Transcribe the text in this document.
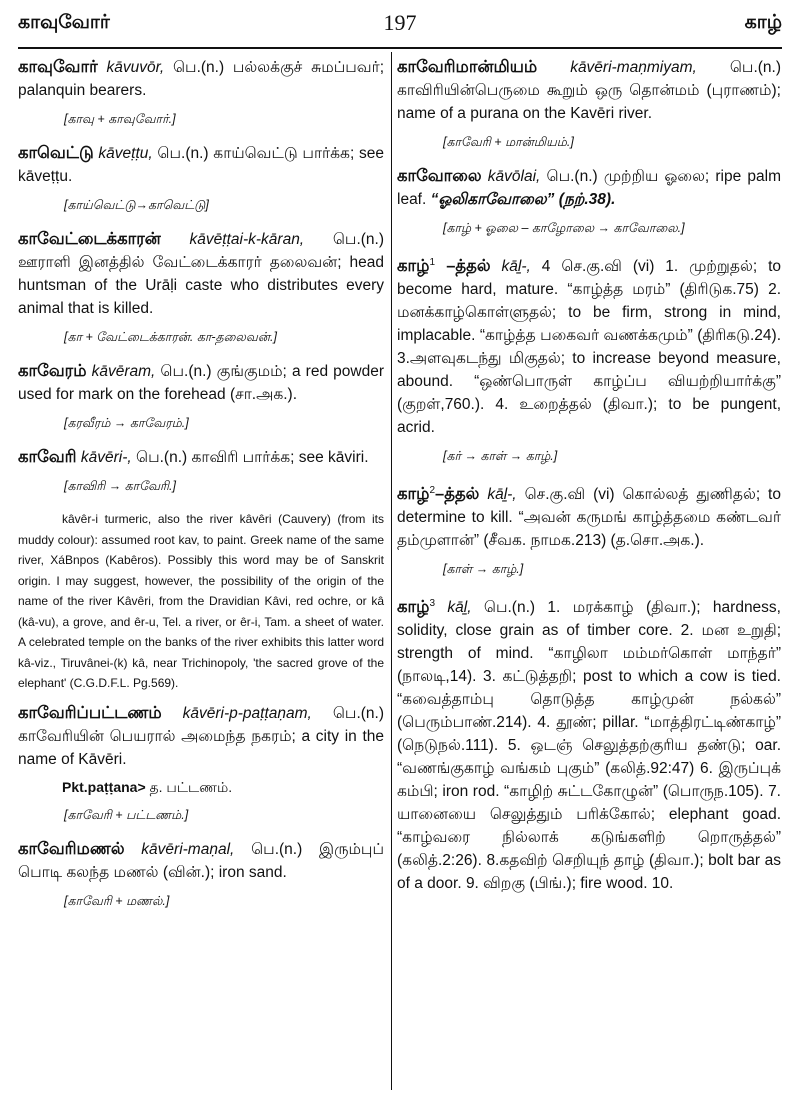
காவுவோர்	197	காழ்

காவுவோர் kāvuvōr, பெ.(n.) பல்லக்குச் சுமப்பவர்; palanquin bearers.

[காவு + காவுவோர்.]

காவெட்டு kāveṭṭu, பெ.(n.) காய்வெட்டு பார்க்க; see kāveṭṭu.

[காய்வெட்டு→காவெட்டு]

காவேட்டைக்காரன் kāvēṭṭai-k-kāran, பெ.(n.) ஊராளி இனத்தில் வேட்டைக்காரர் தலைவன்; head huntsman of the Urāḷi caste who distributes every animal that is killed.

[கா + வேட்டைக்காரன். கா-தலைவன்.]

காவேரம் kāvēram, பெ.(n.) குங்குமம்; a red powder used for mark on the forehead (சா.அக.).

[கரவீரம் → காவேரம்.]

காவேரி kāvēri-, பெ.(n.) காவிரி பார்க்க; see kāviri.

[காவிரி → காவேரி.]

kâvêr-i turmeric, also the river kâvêri (Cauvery) (from its muddy colour): assumed root kav, to paint. Greek name of the same river, XáBnpos (Kabêros). Possibly this word may be of Sanskrit origin. I may suggest, however, the possibility of the origin of the name of the river Kâvêri, from the Dravidian Kâvi, red ochre, or kâ (kâ-vu), a grove, and êr-u, Tel. a river, or êr-i, Tam. a sheet of water. A celebrated temple on the banks of the river exhibits this latter word kâ-viz., Tiruvânei-(k) kâ, near Trichinopoly, 'the sacred grove of the elephant' (C.G.D.F.L. Pg.569).

காவேரிப்பட்டணம் kāvēri-p-paṭṭaṇam, பெ.(n.) காவேரியின் பெயரால் அமைந்த நகரம்; a city in the name of Kāvēri.

Pkt.paṭṭana> த. பட்டணம்.
[காவேரி + பட்டணம்.]

காவேரிமணல் kāvēri-maṇal, பெ.(n.) இரும்புப் பொடி கலந்த மணல் (வின்.); iron sand.

[காவேரி + மணல்.]

காவேரிமான்மியம் kāvēri-maṇmiyam, பெ.(n.) காவிரியின்பெருமை கூறும் ஒரு தொன்மம் (புராணம்); name of a purana on the Kavēri river.

[காவேரி + மான்மியம்.]

காவோலை kāvōlai, பெ.(n.) முற்றிய ஓலை; ripe palm leaf. “ஓலிகாவோலை” (நற்.38).

[காழ் + ஓலை – காழோலை → காவோலை.]

காழ்$^1$ –த்தல் kāḻ-, 4 செ.கு.வி (vi) 1. முற்றுதல்; to become hard, mature. “காழ்த்த மரம்” (திரிடுக.75) 2. மனக்காழ்கொள்ளுதல்; to be firm, strong in mind, implacable. “காழ்த்த பகைவர் வணக்கமும்” (திரிகடு.24). 3.அளவுகடந்து மிகுதல்; to increase beyond measure, abound. “ஒண்பொருள் காழ்ப்ப வியற்றியார்க்கு” (குறள்,760.). 4. உறைத்தல் (திவா.); to be pungent, acrid.

[கர் → காள் → காழ்.]

காழ்$^2$–த்தல் kāḻ-, செ.கு.வி (vi) கொல்லத் துணிதல்; to determine to kill. “அவன் கருமங் காழ்த்தமை கண்டவர் தம்முளான்” (சீவக. நாமக.213) (த.சொ.அக.).

[காள் → காழ்.]

காழ்$^3$ kāḻ, பெ.(n.) 1. மரக்காழ் (திவா.); hardness, solidity, close grain as of timber core. 2. மன உறுதி; strength of mind. “காழிலா மம்மர்கொள் மாந்தர்” (நாலடி,14). 3. கட்டுத்தறி; post to which a cow is tied. “கவைத்தாம்பு தொடுத்த காழ்முன் நல்கல்” (பெரும்பாண்.214). 4. தூண்; pillar. “மாத்திரட்டிண்காழ்” (நெடுநல்.111). 5. ஒடஞ் செலுத்தற்குரிய தண்டு; oar. “வணங்குகாழ் வங்கம் புகும்” (கலித்.92:47) 6. இருப்புக் கம்பி; iron rod. “காழிற் சுட்டகோழுன்” (பொருந.105). 7. யானையை செலுத்தும் பரிக்கோல்; elephant goad. “காழ்வரை நில்லாக் கடுங்களிற் றொருத்தல்” (கலித்.2:26). 8.கதவிற் செறியுந் தாழ் (திவா.); bolt bar as of a door. 9. விறகு (பிங்.); fire wood. 10.
